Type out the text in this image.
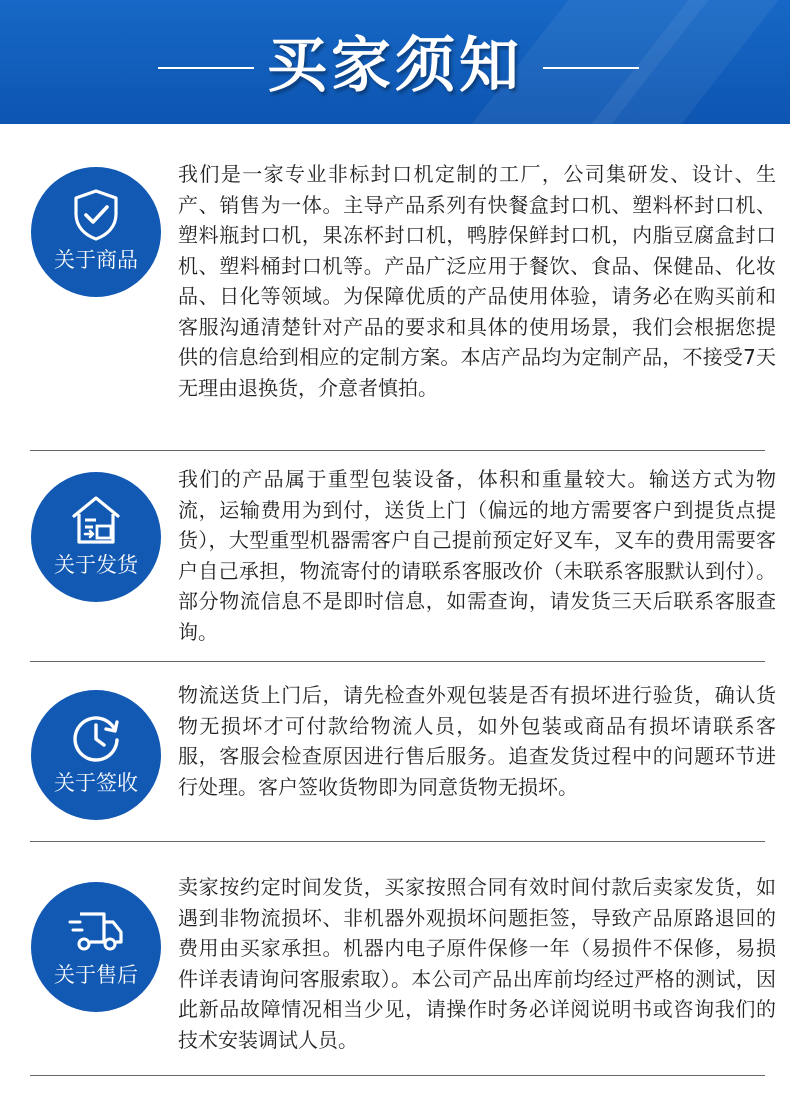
买家须知
关于商品

我们是一家专业非标封口机定制的工厂，公司集研发、设计、生产、销售为一体。主导产品系列有快餐盒封口机、塑料杯封口机、塑料瓶封口机，果冻杯封口机，鸭脖保鲜封口机，内脂豆腐盒封口机、塑料桶封口机等。产品广泛应用于餐饮、食品、保健品、化妆品、日化等领域。为保障优质的产品使用体验，请务必在购买前和客服沟通清楚针对产品的要求和具体的使用场景，我们会根据您提供的信息给到相应的定制方案。本店产品均为定制产品，不接受7天无理由退换货，介意者慎拍。

关于发货

我们的产品属于重型包装设备，体积和重量较大。输送方式为物流，运输费用为到付，送货上门（偏远的地方需要客户到提货点提货），大型重型机器需客户自己提前预定好叉车，叉车的费用需要客户自己承担，物流寄付的请联系客服改价（未联系客服默认到付）。部分物流信息不是即时信息，如需查询，请发货三天后联系客服查询。

关于签收

物流送货上门后，请先检查外观包装是否有损坏进行验货，确认货物无损坏才可付款给物流人员，如外包装或商品有损坏请联系客服，客服会检查原因进行售后服务。追查发货过程中的问题环节进行处理。客户签收货物即为同意货物无损坏。

关于售后

卖家按约定时间发货，买家按照合同有效时间付款后卖家发货，如遇到非物流损坏、非机器外观损坏问题拒签，导致产品原路退回的费用由买家承担。机器内电子原件保修一年（易损件不保修，易损件详表请询问客服索取）。本公司产品出库前均经过严格的测试，因此新品故障情况相当少见，请操作时务必详阅说明书或咨询我们的技术安装调试人员。
